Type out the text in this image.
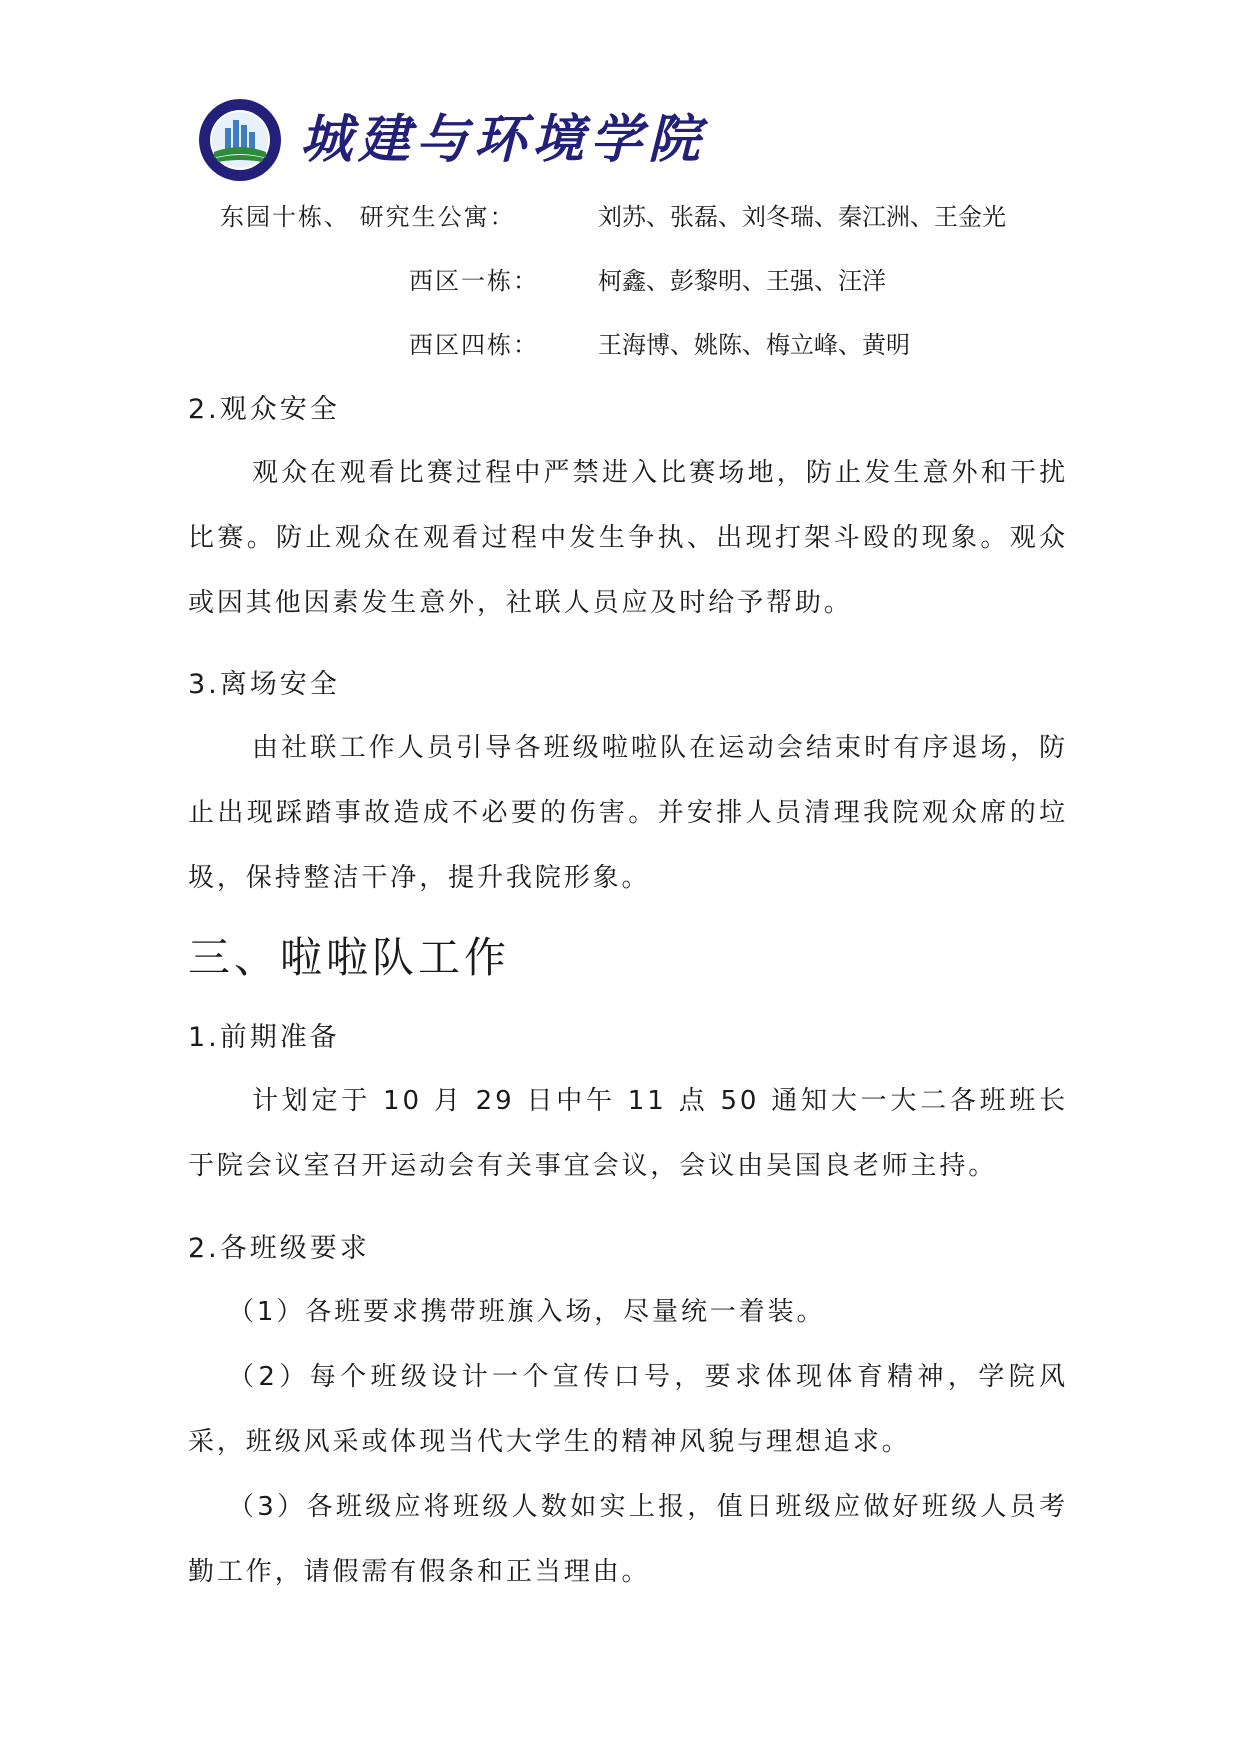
城建与环境学院
东园十栋、 研究生公寓：	刘苏、张磊、刘冬瑞、秦江洲、王金光
西区一栋： 柯鑫、彭黎明、王强、汪洋
西区四栋： 王海博、姚陈、梅立峰、黄明
2.观众安全
观众在观看比赛过程中严禁进入比赛场地，防止发生意外和干扰比赛。防止观众在观看过程中发生争执、出现打架斗殴的现象。观众或因其他因素发生意外，社联人员应及时给予帮助。
3.离场安全
由社联工作人员引导各班级啦啦队在运动会结束时有序退场，防止出现踩踏事故造成不必要的伤害。并安排人员清理我院观众席的垃圾，保持整洁干净，提升我院形象。
三、啦啦队工作
1.前期准备
计划定于 10 月 29 日中午 11 点 50 通知大一大二各班班长于院会议室召开运动会有关事宜会议，会议由吴国良老师主持。
2.各班级要求
（1）各班要求携带班旗入场，尽量统一着装。
（2）每个班级设计一个宣传口号，要求体现体育精神，学院风采，班级风采或体现当代大学生的精神风貌与理想追求。
（3）各班级应将班级人数如实上报，值日班级应做好班级人员考勤工作，请假需有假条和正当理由。
